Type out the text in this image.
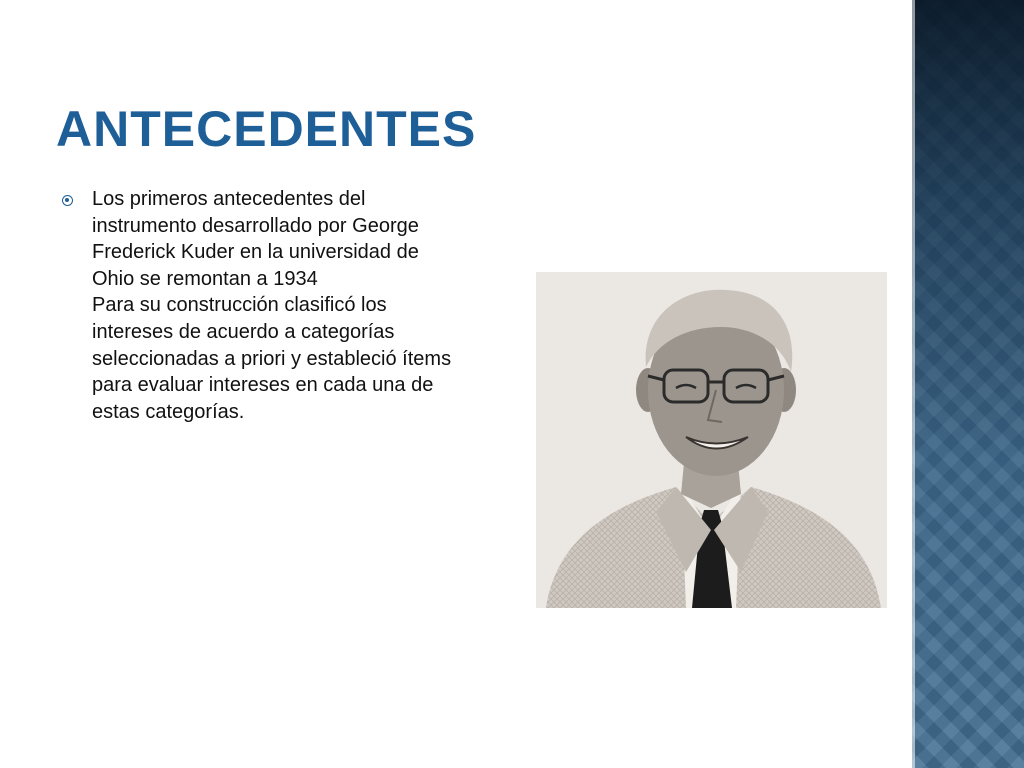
ANTECEDENTES
Los primeros antecedentes del instrumento desarrollado por George Frederick Kuder en la universidad de Ohio se remontan a 1934
Para su construcción clasificó los intereses de acuerdo a categorías seleccionadas a priori y estableció ítems para evaluar intereses en cada una de estas categorías.
